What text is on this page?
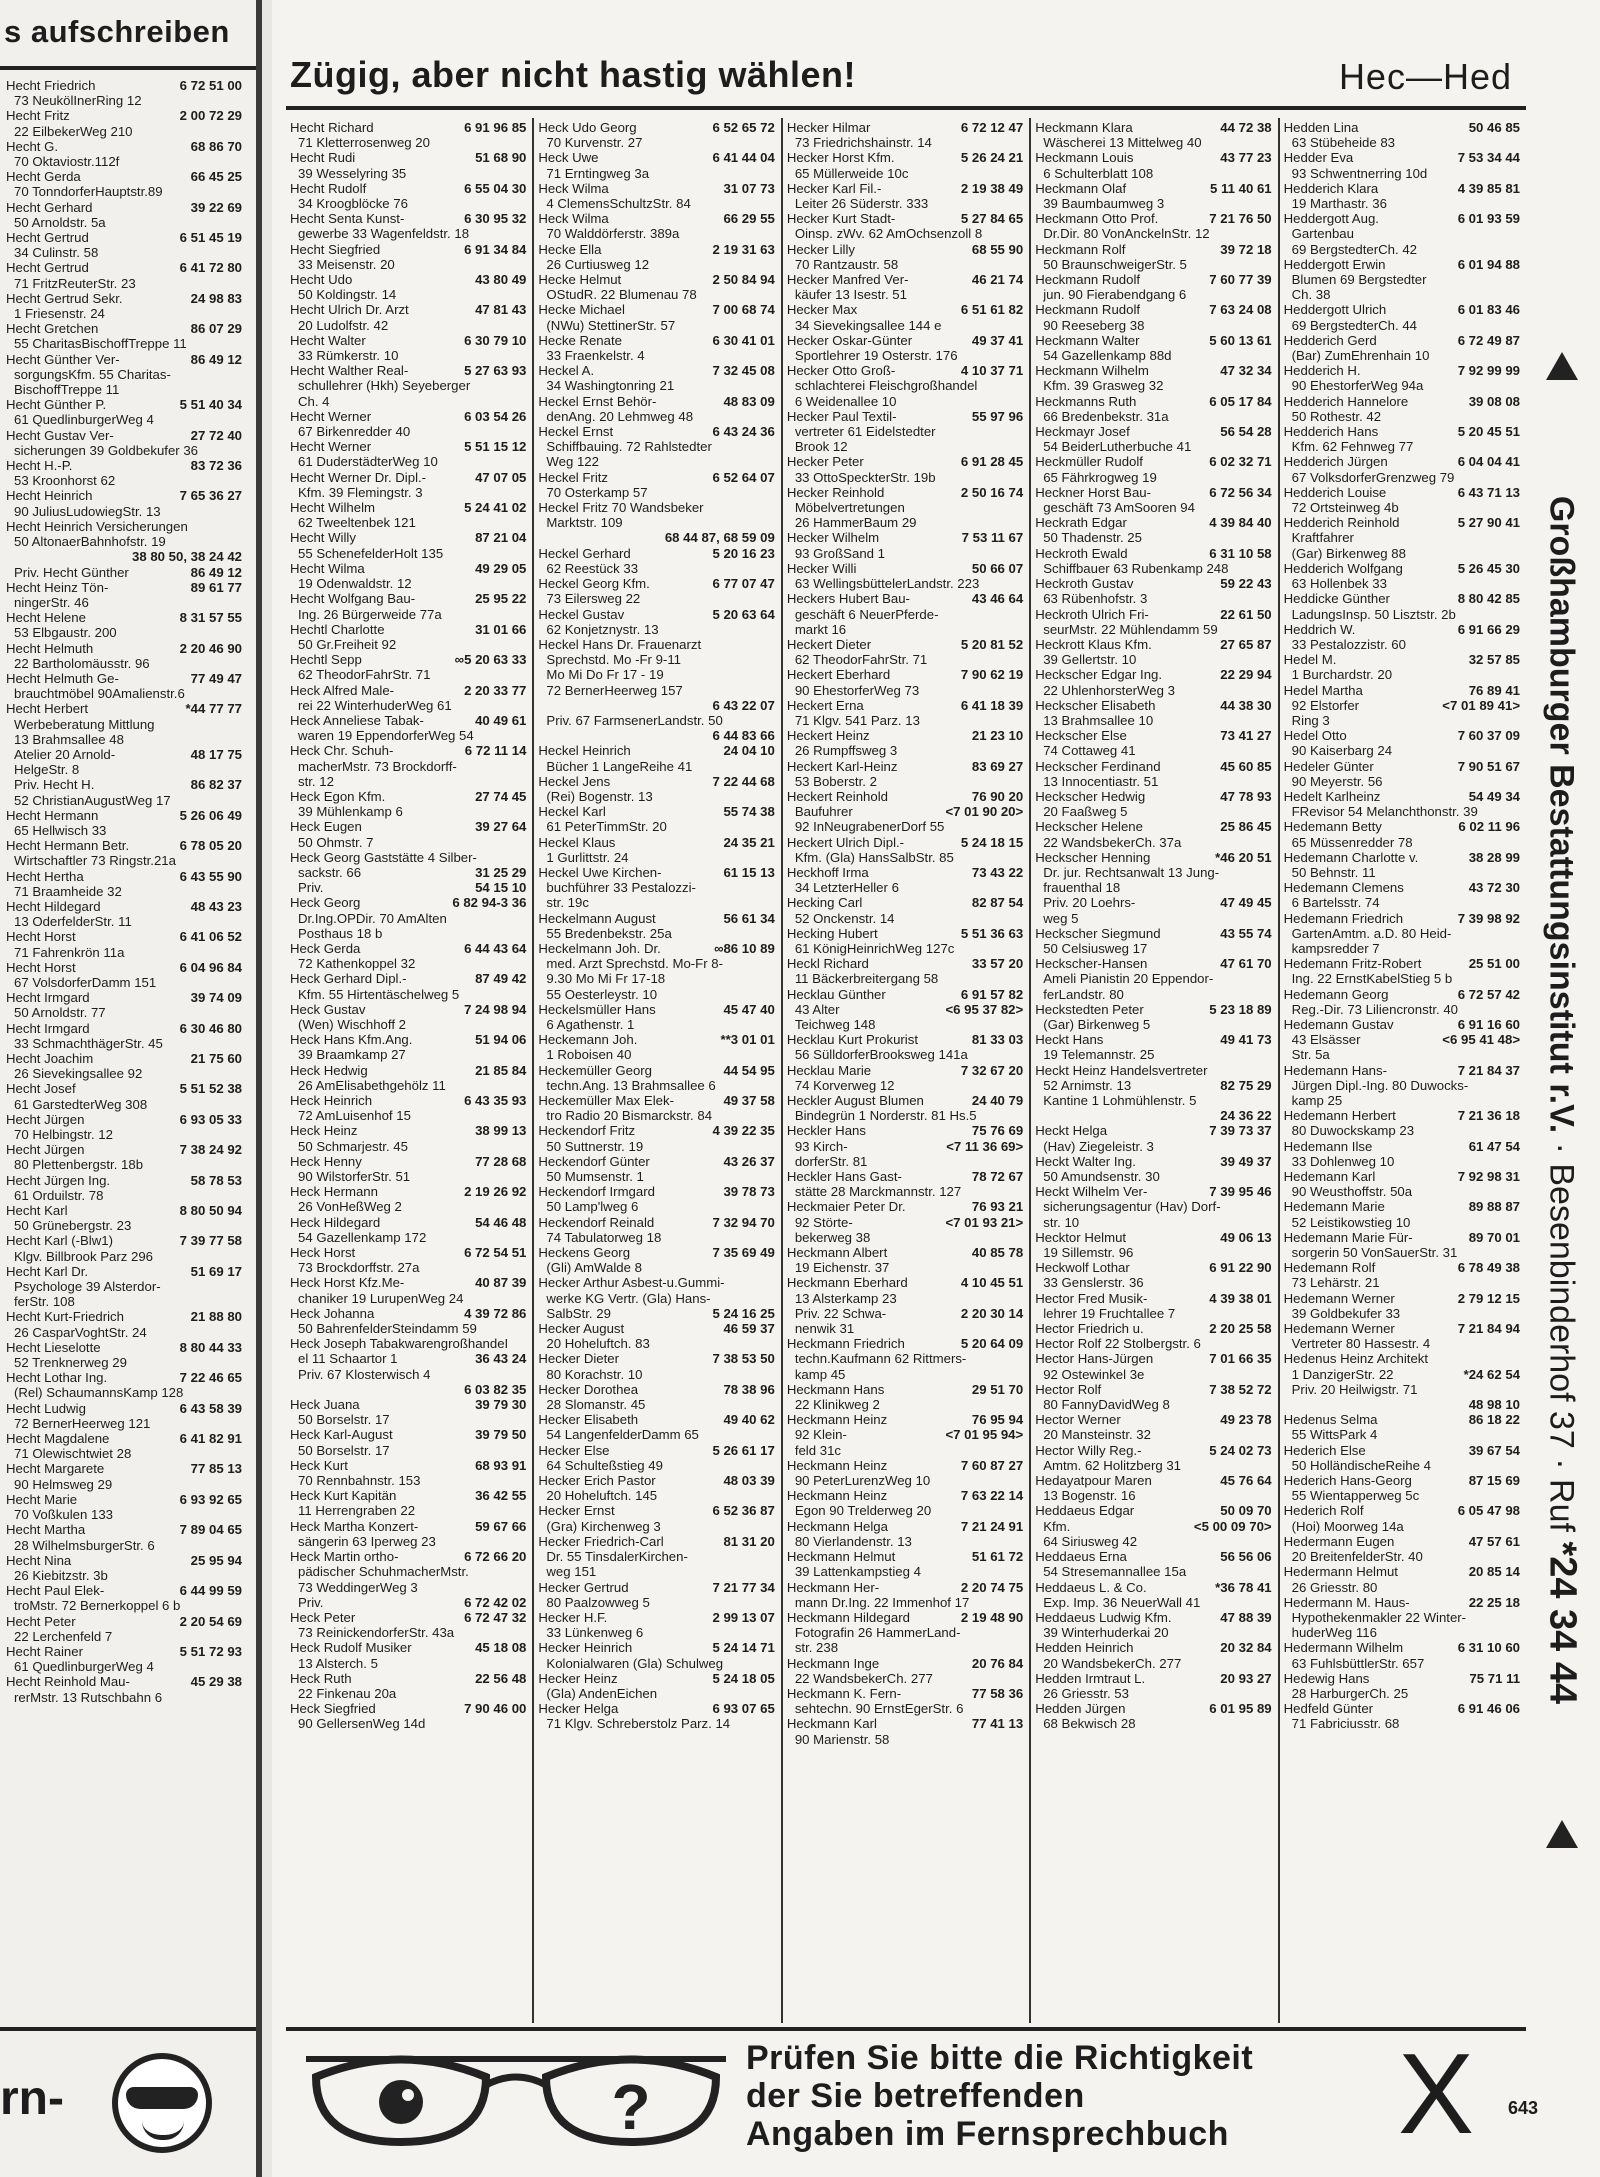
s aufschreiben
Hecht Friedrich	6 72 51 00
73 NeukölInerRing 12
Hecht Fritz	2 00 72 29
22 EilbekerWeg 210
Hecht G.	68 86 70
70 Oktaviostr.112f
Hecht Gerda	66 45 25
70 TonndorferHauptstr.89
Hecht Gerhard	39 22 69
50 Arnoldstr. 5a
Hecht Gertrud	6 51 45 19
34 Culinstr. 58
Hecht Gertrud	6 41 72 80
71 FritzReuterStr. 23
Hecht Gertrud Sekr.	24 98 83
1 Friesenstr. 24
Hecht Gretchen	86 07 29
55 CharitasBischoffTreppe 11
Hecht Günther Ver-	86 49 12
sorgungsKfm. 55 Charitas-
BischoffTreppe 11
Hecht Günther P.	5 51 40 34
61 QuedlinburgerWeg 4
Hecht Gustav Ver-	27 72 40
sicherungen 39 Goldbekufer 36
Hecht H.-P.	83 72 36
53 Kroonhorst 62
Hecht Heinrich	7 65 36 27
90 JuliusLudowiegStr. 13
Hecht Heinrich Versicherungen
50 AltonaerBahnhofstr. 19
38 80 50, 38 24 42
Priv. Hecht Günther	86 49 12
Hecht Heinz Tön-	89 61 77
ningerStr. 46
Hecht Helene	8 31 57 55
53 Elbgaustr. 200
Hecht Helmuth	2 20 46 90
22 Bartholomäusstr. 96
Hecht Helmuth Ge-	77 49 47
brauchtmöbel 90Amalienstr.6
Hecht Herbert	*44 77 77
Werbeberatung Mittlung
13 Brahmsallee 48
Atelier 20 Arnold-	48 17 75
HelgeStr. 8
Priv. Hecht H.	86 82 37
52 ChristianAugustWeg 17
Hecht Hermann	5 26 06 49
65 Hellwisch 33
Hecht Hermann Betr.	6 78 05 20
Wirtschaftler 73 Ringstr.21a
Hecht Hertha	6 43 55 90
71 Braamheide 32
Hecht Hildegard	48 43 23
13 OderfelderStr. 11
Hecht Horst	6 41 06 52
71 Fahrenkrön 11a
Hecht Horst	6 04 96 84
67 VolsdorferDamm 151
Hecht Irmgard	39 74 09
50 Arnoldstr. 77
Hecht Irmgard	6 30 46 80
33 SchmachthägerStr. 45
Hecht Joachim	21 75 60
26 Sievekingsallee 92
Hecht Josef	5 51 52 38
61 GarstedterWeg 308
Hecht Jürgen	6 93 05 33
70 Helbingstr. 12
Hecht Jürgen	7 38 24 92
80 Plettenbergstr. 18b
Hecht Jürgen Ing.	58 78 53
61 Orduilstr. 78
Hecht Karl	8 80 50 94
50 Grünebergstr. 23
Hecht Karl (-Blw1)	7 39 77 58
Klgv. Billbrook Parz 296
Hecht Karl Dr.	51 69 17
Psychologe 39 Alsterdor-
ferStr. 108
Hecht Kurt-Friedrich	21 88 80
26 CasparVoghtStr. 24
Hecht Lieselotte	8 80 44 33
52 Trenknerweg 29
Hecht Lothar Ing.	7 22 46 65
(Rel) SchaumannsKamp 128
Hecht Ludwig	6 43 58 39
72 BernerHeerweg 121
Hecht Magdalene	6 41 82 91
71 Olewischtwiet 28
Hecht Margarete	77 85 13
90 Helmsweg 29
Hecht Marie	6 93 92 65
70 Voßkulen 133
Hecht Martha	7 89 04 65
28 WilhelmsburgerStr. 6
Hecht Nina	25 95 94
26 Kiebitzstr. 3b
Hecht Paul Elek-	6 44 99 59
troMstr. 72 Bernerkoppel 6 b
Hecht Peter	2 20 54 69
22 Lerchenfeld 7
Hecht Rainer	5 51 72 93
61 QuedlinburgerWeg 4
Hecht Reinhold Mau-	45 29 38
rerMstr. 13 Rutschbahn 6
rn-
Zügig, aber nicht hastig wählen!	Hec—Hed
Hecht Richard	6 91 96 85
71 Kletterrosenweg 20
Hecht Rudi	51 68 90
39 Wesselyring 35
Hecht Rudolf	6 55 04 30
34 Kroogblöcke 76
Hecht Senta Kunst-	6 30 95 32
gewerbe 33 Wagenfeldstr. 18
Hecht Siegfried	6 91 34 84
33 Meisenstr. 20
Hecht Udo	43 80 49
50 Koldingstr. 14
Hecht Ulrich Dr. Arzt	47 81 43
20 Ludolfstr. 42
Hecht Walter	6 30 79 10
33 Rümkerstr. 10
Hecht Walther Real-	5 27 63 93
schullehrer (Hkh) Seyeberger
Ch. 4
Hecht Werner	6 03 54 26
67 Birkenredder 40
Hecht Werner	5 51 15 12
61 DuderstädterWeg 10
Hecht Werner Dr. Dipl.-	47 07 05
Kfm. 39 Flemingstr. 3
Hecht Wilhelm	5 24 41 02
62 Tweeltenbek 121
Hecht Willy	87 21 04
55 SchenefelderHolt 135
Hecht Wilma	49 29 05
19 Odenwaldstr. 12
Hecht Wolfgang Bau-	25 95 22
Ing. 26 Bürgerweide 77a
Hechtl Charlotte	31 01 66
50 Gr.Freiheit 92
Hechtl Sepp	∞5 20 63 33
62 TheodorFahrStr. 71
Heck Alfred Male-	2 20 33 77
rei 22 WinterhuderWeg 61
Heck Anneliese Tabak-	40 49 61
waren 19 EppendorferWeg 54
Heck Chr. Schuh-	6 72 11 14
macherMstr. 73 Brockdorff-
str. 12
Heck Egon Kfm.	27 74 45
39 Mühlenkamp 6
Heck Eugen	39 27 64
50 Ohmstr. 7
Heck Georg Gaststätte 4 Silber-
sackstr. 66	31 25 29
Priv.	54 15 10
Heck Georg	6 82 94-3 36
Dr.Ing.OPDir. 70 AmAlten
Posthaus 18 b
Heck Gerda	6 44 43 64
72 Kathenkoppel 32
Heck Gerhard Dipl.-	87 49 42
Kfm. 55 Hirtentäschelweg 5
Heck Gustav	7 24 98 94
(Wen) Wischhoff 2
Heck Hans Kfm.Ang.	51 94 06
39 Braamkamp 27
Heck Hedwig	21 85 84
26 AmElisabethgehölz 11
Heck Heinrich	6 43 35 93
72 AmLuisenhof 15
Heck Heinz	38 99 13
50 Schmarjestr. 45
Heck Henny	77 28 68
90 WilstorferStr. 51
Heck Hermann	2 19 26 92
26 VonHeßWeg 2
Heck Hildegard	54 46 48
54 Gazellenkamp 172
Heck Horst	6 72 54 51
73 Brockdorffstr. 27a
Heck Horst Kfz.Me-	40 87 39
chaniker 19 LurupenWeg 24
Heck Johanna	4 39 72 86
50 BahrenfelderSteindamm 59
Heck Joseph TabakwarengroßhandeI
el 11 Schaartor 1	36 43 24
Priv. 67 Klosterwisch 4
6 03 82 35
Heck Juana	39 79 30
50 Borselstr. 17
Heck Karl-August	39 79 50
50 Borselstr. 17
Heck Kurt	68 93 91
70 Rennbahnstr. 153
Heck Kurt Kapitän	36 42 55
11 Herrengraben 22
Heck Martha Konzert-	59 67 66
sängerin 63 Iperweg 23
Heck Martin ortho-	6 72 66 20
pädischer SchuhmacherMstr.
73 WeddingerWeg 3
Priv.	6 72 42 02
Heck Peter	6 72 47 32
73 ReinickendorferStr. 43a
Heck Rudolf Musiker	45 18 08
13 Alsterch. 5
Heck Ruth	22 56 48
22 Finkenau 20a
Heck Siegfried	7 90 46 00
90 GellersenWeg 14d
Heck Udo Georg	6 52 65 72
70 Kurvenstr. 27
Heck Uwe	6 41 44 04
71 Erntingweg 3a
Heck Wilma	31 07 73
4 ClemensSchultzStr. 84
Heck Wilma	66 29 55
70 Walddörferstr. 389a
Hecke Ella	2 19 31 63
26 Curtiusweg 12
Hecke Helmut	2 50 84 94
OStudR. 22 Blumenau 78
Hecke Michael	7 00 68 74
(NWu) StettinerStr. 57
Hecke Renate	6 30 41 01
33 Fraenkelstr. 4
Heckel A.	7 32 45 08
34 Washingtonring 21
Heckel Ernst Behör-	48 83 09
denAng. 20 Lehmweg 48
Heckel Ernst	6 43 24 36
Schiffbauing. 72 Rahlstedter
Weg 122
Heckel Fritz	6 52 64 07
70 Osterkamp 57
Heckel Fritz 70 Wandsbeker
Marktstr. 109
68 44 87, 68 59 09
Heckel Gerhard	5 20 16 23
62 Reestück 33
Heckel Georg Kfm.	6 77 07 47
73 Eilersweg 22
Heckel Gustav	5 20 63 64
62 Konjetznystr. 13
Heckel Hans Dr. Frauenarzt
Sprechstd. Mo -Fr 9-11
Mo Mi Do Fr 17 - 19
72 BernerHeerweg 157
6 43 22 07
Priv. 67 FarmsenerLandstr. 50
6 44 83 66
Heckel Heinrich	24 04 10
Bücher 1 LangeReihe 41
Heckel Jens	7 22 44 68
(Rei) Bogenstr. 13
Heckel Karl	55 74 38
61 PeterTimmStr. 20
Heckel Klaus	24 35 21
1 Gurlittstr. 24
Heckel Uwe Kirchen-	61 15 13
buchführer 33 Pestalozzi-
str. 19c
Heckelmann August	56 61 34
55 Bredenbekstr. 25a
Heckelmann Joh. Dr.	∞86 10 89
med. Arzt Sprechstd. Mo-Fr 8-
9.30 Mo Mi Fr 17-18
55 Oesterleystr. 10
Heckelsmüller Hans	45 47 40
6 Agathenstr. 1
Heckemann Joh.	**3 01 01
1 Roboisen 40
Heckemüller Georg	44 54 95
techn.Ang. 13 Brahmsallee 6
Heckemüller Max Elek-	49 37 58
tro Radio 20 Bismarckstr. 84
Heckendorf Fritz	4 39 22 35
50 Suttnerstr. 19
Heckendorf Günter	43 26 37
50 Mumsenstr. 1
Heckendorf Irmgard	39 78 73
50 Lamp'lweg 6
Heckendorf Reinald	7 32 94 70
74 Tabulatorweg 18
Heckens Georg	7 35 69 49
(Gli) AmWalde 8
Hecker Arthur Asbest-u.Gummi-
werke KG Vertr. (Gla) Hans-
SalbStr. 29	5 24 16 25
Hecker August	46 59 37
20 Hoheluftch. 83
Hecker Dieter	7 38 53 50
80 Korachstr. 10
Hecker Dorothea	78 38 96
28 Slomanstr. 45
Hecker Elisabeth	49 40 62
54 LangenfelderDamm 65
Hecker Else	5 26 61 17
64 Schulteßstieg 49
Hecker Erich Pastor	48 03 39
20 Hoheluftch. 145
Hecker Ernst	6 52 36 87
(Gra) Kirchenweg 3
Hecker Friedrich-Carl	81 31 20
Dr. 55 TinsdalerKirchen-
weg 151
Hecker Gertrud	7 21 77 34
80 Paalzowweg 5
Hecker H.F.	2 99 13 07
33 Lünkenweg 6
Hecker Heinrich	5 24 14 71
Kolonialwaren (Gla) Schulweg
Hecker Heinz	5 24 18 05
(Gla) AndenEichen
Hecker Helga	6 93 07 65
71 Klgv. Schreberstolz Parz. 14
Hecker Hilmar	6 72 12 47
73 Friedrichshainstr. 14
Hecker Horst Kfm.	5 26 24 21
65 Müllerweide 10c
Hecker Karl Fil.-	2 19 38 49
Leiter 26 Süderstr. 333
Hecker Kurt Stadt-	5 27 84 65
Oinsp. zWv. 62 AmOchsenzoll 8
Hecker Lilly	68 55 90
70 Rantzaustr. 58
Hecker Manfred Ver-	46 21 74
käufer 13 Isestr. 51
Hecker Max	6 51 61 82
34 Sievekingsallee 144 e
Hecker Oskar-Günter	49 37 41
Sportlehrer 19 Osterstr. 176
Hecker Otto Groß-	4 10 37 71
schlachterei Fleischgroßhandel
6 Weidenallee 10
Hecker Paul Textil-	55 97 96
vertreter 61 Eidelstedter
Brook 12
Hecker Peter	6 91 28 45
33 OttoSpeckterStr. 19b
Hecker Reinhold	2 50 16 74
Möbelvertretungen
26 HammerBaum 29
Hecker Wilhelm	7 53 11 67
93 GroßSand 1
Hecker Willi	50 66 07
63 WellingsbüttelerLandstr. 223
Heckers Hubert Bau-	43 46 64
geschäft 6 NeuerPferde-
markt 16
Heckert Dieter	5 20 81 52
62 TheodorFahrStr. 71
Heckert Eberhard	7 90 62 19
90 EhestorferWeg 73
Heckert Erna	6 41 18 39
71 Klgv. 541 Parz. 13
Heckert Heinz	21 23 10
26 Rumpffsweg 3
Heckert Karl-Heinz	83 69 27
53 Boberstr. 2
Heckert Reinhold	76 90 20
Baufuhrer	<7 01 90 20>
92 InNeugrabenerDorf 55
Heckert Ulrich Dipl.-	5 24 18 15
Kfm. (Gla) HansSalbStr. 85
Heckhoff Irma	73 43 22
34 LetzterHeller 6
Hecking Carl	82 87 54
52 Onckenstr. 14
Hecking Hubert	5 51 36 63
61 KönigHeinrichWeg 127c
Heckl Richard	33 57 20
11 Bäckerbreitergang 58
Hecklau Günther	6 91 57 82
43 Alter	<6 95 37 82>
Teichweg 148
Hecklau Kurt Prokurist	81 33 03
56 SülldorferBrooksweg 141a
Hecklau Marie	7 32 67 20
74 Korverweg 12
Heckler August Blumen	24 40 79
Bindegrün 1 Norderstr. 81 Hs.5
Heckler Hans	75 76 69
93 Kirch-	<7 11 36 69>
dorferStr. 81
Heckler Hans Gast-	78 72 67
stätte 28 Marckmannstr. 127
Heckmaier Peter Dr.	76 93 21
92 Störte-	<7 01 93 21>
bekerweg 38
Heckmann Albert	40 85 78
19 Eichenstr. 37
Heckmann Eberhard	4 10 45 51
13 Alsterkamp 23
Priv. 22 Schwa-	2 20 30 14
nenwik 31
Heckmann Friedrich	5 20 64 09
techn.Kaufmann 62 Rittmers-
kamp 45
Heckmann Hans	29 51 70
22 Klinikweg 2
Heckmann Heinz	76 95 94
92 Klein-	<7 01 95 94>
feld 31c
Heckmann Heinz	7 60 87 27
90 PeterLurenzWeg 10
Heckmann Heinz	7 63 22 14
Egon 90 Trelderweg 20
Heckmann Helga	7 21 24 91
80 Vierlandenstr. 13
Heckmann Helmut	51 61 72
39 Lattenkampstieg 4
Heckmann Her-	2 20 74 75
mann Dr.Ing. 22 Immenhof 17
Heckmann Hildegard	2 19 48 90
Fotografin 26 HammerLand-
str. 238
Heckmann Inge	20 76 84
22 WandsbekerCh. 277
Heckmann K. Fern-	77 58 36
sehtechn. 90 ErnstEgerStr. 6
Heckmann Karl	77 41 13
90 Marienstr. 58
Heckmann Klara	44 72 38
Wäscherei 13 Mittelweg 40
Heckmann Louis	43 77 23
6 Schulterblatt 108
Heckmann Olaf	5 11 40 61
39 Baumbaumweg 3
Heckmann Otto Prof.	7 21 76 50
Dr.Dir. 80 VonAnckelnStr. 12
Heckmann Rolf	39 72 18
50 BraunschweigerStr. 5
Heckmann Rudolf	7 60 77 39
jun. 90 Fierabendgang 6
Heckmann Rudolf	7 63 24 08
90 Reeseberg 38
Heckmann Walter	5 60 13 61
54 Gazellenkamp 88d
Heckmann Wilhelm	47 32 34
Kfm. 39 Grasweg 32
Heckmanns Ruth	6 05 17 84
66 Bredenbekstr. 31a
Heckmayr Josef	56 54 28
54 BeiderLutherbuche 41
Heckmüller Rudolf	6 02 32 71
65 Fährkrogweg 19
Heckner Horst Bau-	6 72 56 34
geschäft 73 AmSooren 94
Heckrath Edgar	4 39 84 40
50 Thadenstr. 25
Heckroth Ewald	6 31 10 58
Schiffbauer 63 Rubenkamp 248
Heckroth Gustav	59 22 43
63 Rübenhofstr. 3
Heckroth Ulrich Fri-	22 61 50
seurMstr. 22 Mühlendamm 59
Heckrott Klaus Kfm.	27 65 87
39 Gellertstr. 10
Heckscher Edgar Ing.	22 29 94
22 UhlenhorsterWeg 3
Heckscher Elisabeth	44 38 30
13 Brahmsallee 10
Heckscher Else	73 41 27
74 Cottaweg 41
Heckscher Ferdinand	45 60 85
13 Innocentiastr. 51
Heckscher Hedwig	47 78 93
20 Faaßweg 5
Heckscher Helene	25 86 45
22 WandsbekerCh. 37a
Heckscher Henning	*46 20 51
Dr. jur. Rechtsanwalt 13 Jung-
frauenthal 18
Priv. 20 Loehrs-	47 49 45
weg 5
Heckscher Siegmund	43 55 74
50 Celsiusweg 17
Heckscher-Hansen	47 61 70
Ameli Pianistin 20 Eppendor-
ferLandstr. 80
Heckstedten Peter	5 23 18 89
(Gar) Birkenweg 5
Heckt Hans	49 41 73
19 Telemannstr. 25
Heckt Heinz Handelsvertreter
52 Arnimstr. 13	82 75 29
Kantine 1 Lohmühlenstr. 5
24 36 22
Heckt Helga	7 39 73 37
(Hav) Ziegeleistr. 3
Heckt Walter Ing.	39 49 37
50 Amundsenstr. 30
Heckt Wilhelm Ver-	7 39 95 46
sicherungsagentur (Hav) Dorf-
str. 10
Hecktor Helmut	49 06 13
19 Sillemstr. 96
Heckwolf Lothar	6 91 22 90
33 Genslerstr. 36
Hector Fred Musik-	4 39 38 01
lehrer 19 Fruchtallee 7
Hector Friedrich u.	2 20 25 58
Hector Rolf 22 Stolbergstr. 6
Hector Hans-Jürgen	7 01 66 35
92 Ostewinkel 3e
Hector Rolf	7 38 52 72
80 FannyDavidWeg 8
Hector Werner	49 23 78
20 Mansteinstr. 32
Hector Willy Reg.-	5 24 02 73
Amtm. 62 Holitzberg 31
Hedayatpour Maren	45 76 64
13 Bogenstr. 16
Heddaeus Edgar	50 09 70
Kfm.	<5 00 09 70>
64 Siriusweg 42
Heddaeus Erna	56 56 06
54 Stresemannallee 15a
Heddaeus L. & Co.	*36 78 41
Exp. Imp. 36 NeuerWall 41
Heddaeus Ludwig Kfm.	47 88 39
39 Winterhuderkai 20
Hedden Heinrich	20 32 84
20 WandsbekerCh. 277
Hedden Irmtraut L.	20 93 27
26 Griesstr. 53
Hedden Jürgen	6 01 95 89
68 Bekwisch 28
Hedden Lina	50 46 85
63 Stübeheide 83
Hedder Eva	7 53 34 44
93 Schwentnerring 10d
Hedderich Klara	4 39 85 81
19 Marthastr. 36
Heddergott Aug.	6 01 93 59
Gartenbau
69 BergstedterCh. 42
Heddergott Erwin	6 01 94 88
Blumen 69 Bergstedter
Ch. 38
Heddergott Ulrich	6 01 83 46
69 BergstedterCh. 44
Hedderich Gerd	6 72 49 87
(Bar) ZumEhrenhain 10
Hedderich H.	7 92 99 99
90 EhestorferWeg 94a
Hedderich Hannelore	39 08 08
50 Rothestr. 42
Hedderich Hans	5 20 45 51
Kfm. 62 Fehnweg 77
Hedderich Jürgen	6 04 04 41
67 VolksdorferGrenzweg 79
Hedderich Louise	6 43 71 13
72 Ortsteinweg 4b
Hedderich Reinhold	5 27 90 41
Kraftfahrer
(Gar) Birkenweg 88
Hedderich Wolfgang	5 26 45 30
63 Hollenbek 33
Heddicke Günther	8 80 42 85
LadungsInsp. 50 Lisztstr. 2b
Heddrich W.	6 91 66 29
33 Pestalozzistr. 60
Hedel M.	32 57 85
1 Burchardstr. 20
Hedel Martha	76 89 41
92 Elstorfer	<7 01 89 41>
Ring 3
Hedel Otto	7 60 37 09
90 Kaiserbarg 24
Hedeler Günter	7 90 51 67
90 Meyerstr. 56
Hedelt Karlheinz	54 49 34
FRevisor 54 Melanchthonstr. 39
Hedemann Betty	6 02 11 96
65 Müssenredder 78
Hedemann Charlotte v.	38 28 99
50 Behnstr. 11
Hedemann Clemens	43 72 30
6 Bartelsstr. 74
Hedemann Friedrich	7 39 98 92
GartenAmtm. a.D. 80 Heid-
kampsredder 7
Hedemann Fritz-Robert	25 51 00
Ing. 22 ErnstKabelStieg 5 b
Hedemann Georg	6 72 57 42
Reg.-Dir. 73 Liliencronstr. 40
Hedemann Gustav	6 91 16 60
43 Elsässer	<6 95 41 48>
Str. 5a
Hedemann Hans-	7 21 84 37
Jürgen Dipl.-Ing. 80 Duwocks-
kamp 25
Hedemann Herbert	7 21 36 18
80 Duwockskamp 23
Hedemann Ilse	61 47 54
33 Dohlenweg 10
Hedemann Karl	7 92 98 31
90 Weusthoffstr. 50a
Hedemann Marie	89 88 87
52 Leistikowstieg 10
Hedemann Marie Für-	89 70 01
sorgerin 50 VonSauerStr. 31
Hedemann Rolf	6 78 49 38
73 Lehärstr. 21
Hedemann Werner	2 79 12 15
39 Goldbekufer 33
Hedemann Werner	7 21 84 94
Vertreter 80 Hassestr. 4
Hedenus Heinz Architekt
1 DanzigerStr. 22	*24 62 54
Priv. 20 Heilwigstr. 71
48 98 10
Hedenus Selma	86 18 22
55 WittsPark 4
Hederich Else	39 67 54
50 HolländischeReihe 4
Hederich Hans-Georg	87 15 69
55 Wientapperweg 5c
Hederich Rolf	6 05 47 98
(Hoi) Moorweg 14a
Hedermann Eugen	47 57 61
20 BreitenfelderStr. 40
Hedermann Helmut	20 85 14
26 Griesstr. 80
Hedermann M. Haus-	22 25 18
Hypothekenmakler 22 Winter-
huderWeg 116
Hedermann Wilhelm	6 31 10 60
63 FuhlsbüttlerStr. 657
Hedewig Hans	75 71 11
28 HarburgerCh. 25
Hedfeld Günter	6 91 46 06
71 Fabriciusstr. 68
Großhamburger Bestattungsinstitut r.V. · Besenbinderhof 37 · Ruf *24 34 44
?
Prüfen Sie bitte die Richtigkeit
der Sie betreffenden
Angaben im Fernsprechbuch X 643
